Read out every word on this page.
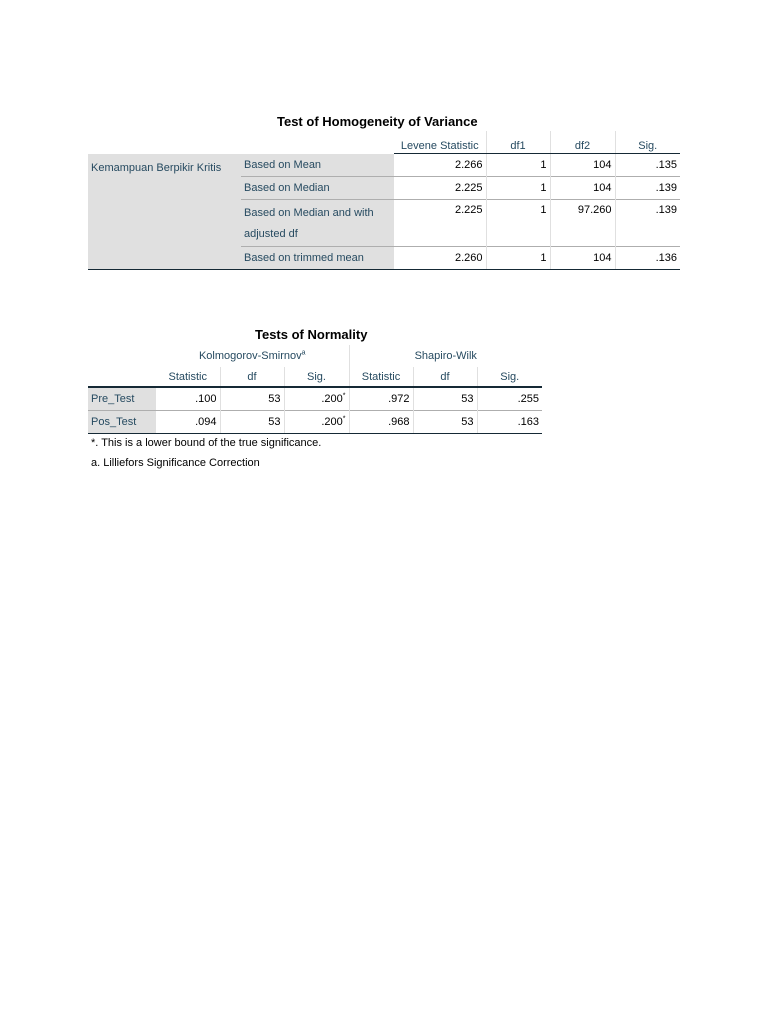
Test of Homogeneity of Variance
		Levene Statistic	df1	df2	Sig.
Kemampuan Berpikir Kritis	Based on Mean	2.266	1	104	.135
	Based on Median	2.225	1	104	.139
	Based on Median and with adjusted df	2.225	1	97.260	.139
	Based on trimmed mean	2.260	1	104	.136
Tests of Normality
	Kolmogorov-Smirnov$^a$			Shapiro-Wilk		
	Statistic	df	Sig.	Statistic	df	Sig.
Pre_Test	.100	53	.200*	.972	53	.255
Pos_Test	.094	53	.200*	.968	53	.163
*. This is a lower bound of the true significance.
a. Lilliefors Significance Correction
